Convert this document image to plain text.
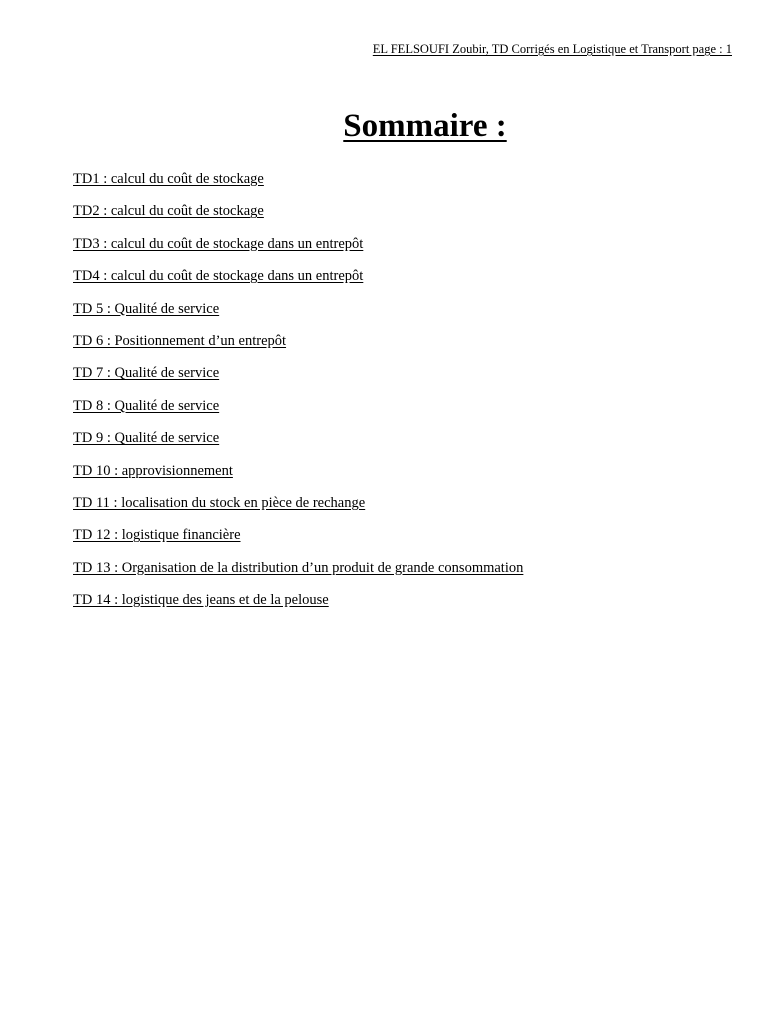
EL FELSOUFI Zoubir, TD Corrigés en Logistique et Transport page : 1
Sommaire :
TD1 : calcul du coût de stockage
TD2 : calcul du coût de stockage
TD3 : calcul du coût de stockage dans un entrepôt
TD4 : calcul du coût de stockage dans un entrepôt
TD 5 : Qualité de service
TD 6 : Positionnement d’un entrepôt
TD 7 : Qualité de service
TD 8 : Qualité de service
TD 9 : Qualité de service
TD 10 : approvisionnement
TD 11 : localisation du stock en pièce de rechange
TD 12 : logistique financière
TD 13 : Organisation de la distribution d’un produit de grande consommation
TD 14 : logistique des jeans et de la pelouse
